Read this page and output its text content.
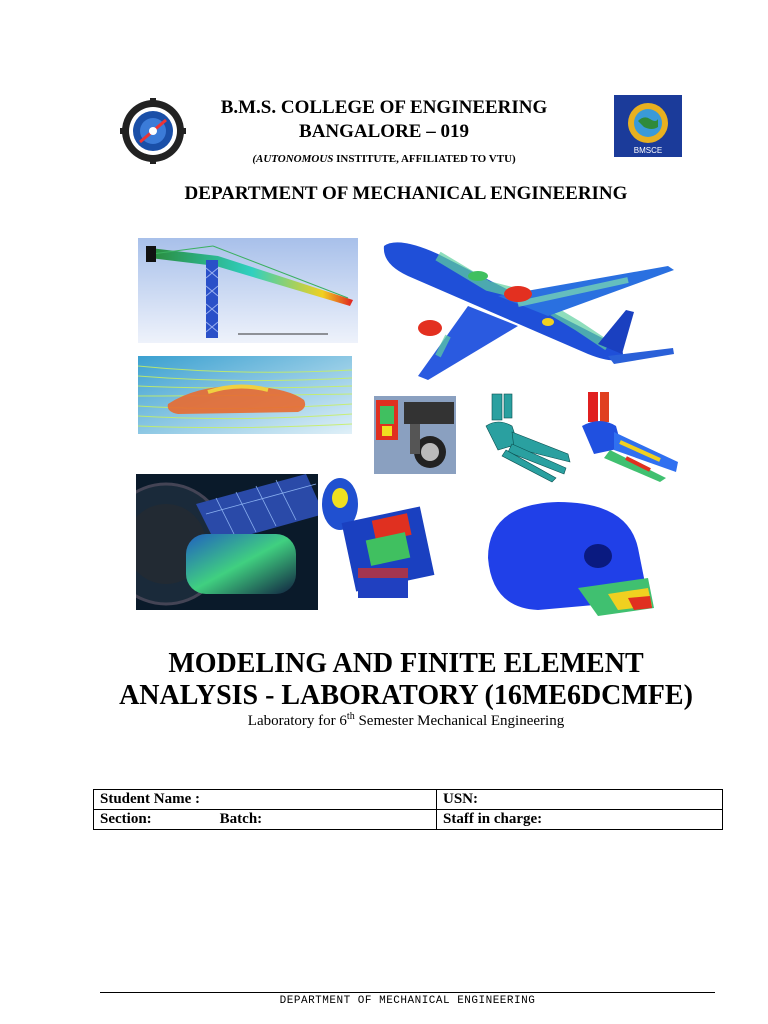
BMSCE
B.M.S. COLLEGE OF ENGINEERING
BANGALORE – 019
(AUTONOMOUS INSTITUTE, AFFILIATED TO VTU)
DEPARTMENT OF MECHANICAL ENGINEERING
MODELING AND FINITE ELEMENT
ANALYSIS - LABORATORY (16ME6DCMFE)
Laboratory for 6th Semester Mechanical Engineering
Student Name :	USN:
Section: Batch:	Staff in charge:
DEPARTMENT OF MECHANICAL ENGINEERING
